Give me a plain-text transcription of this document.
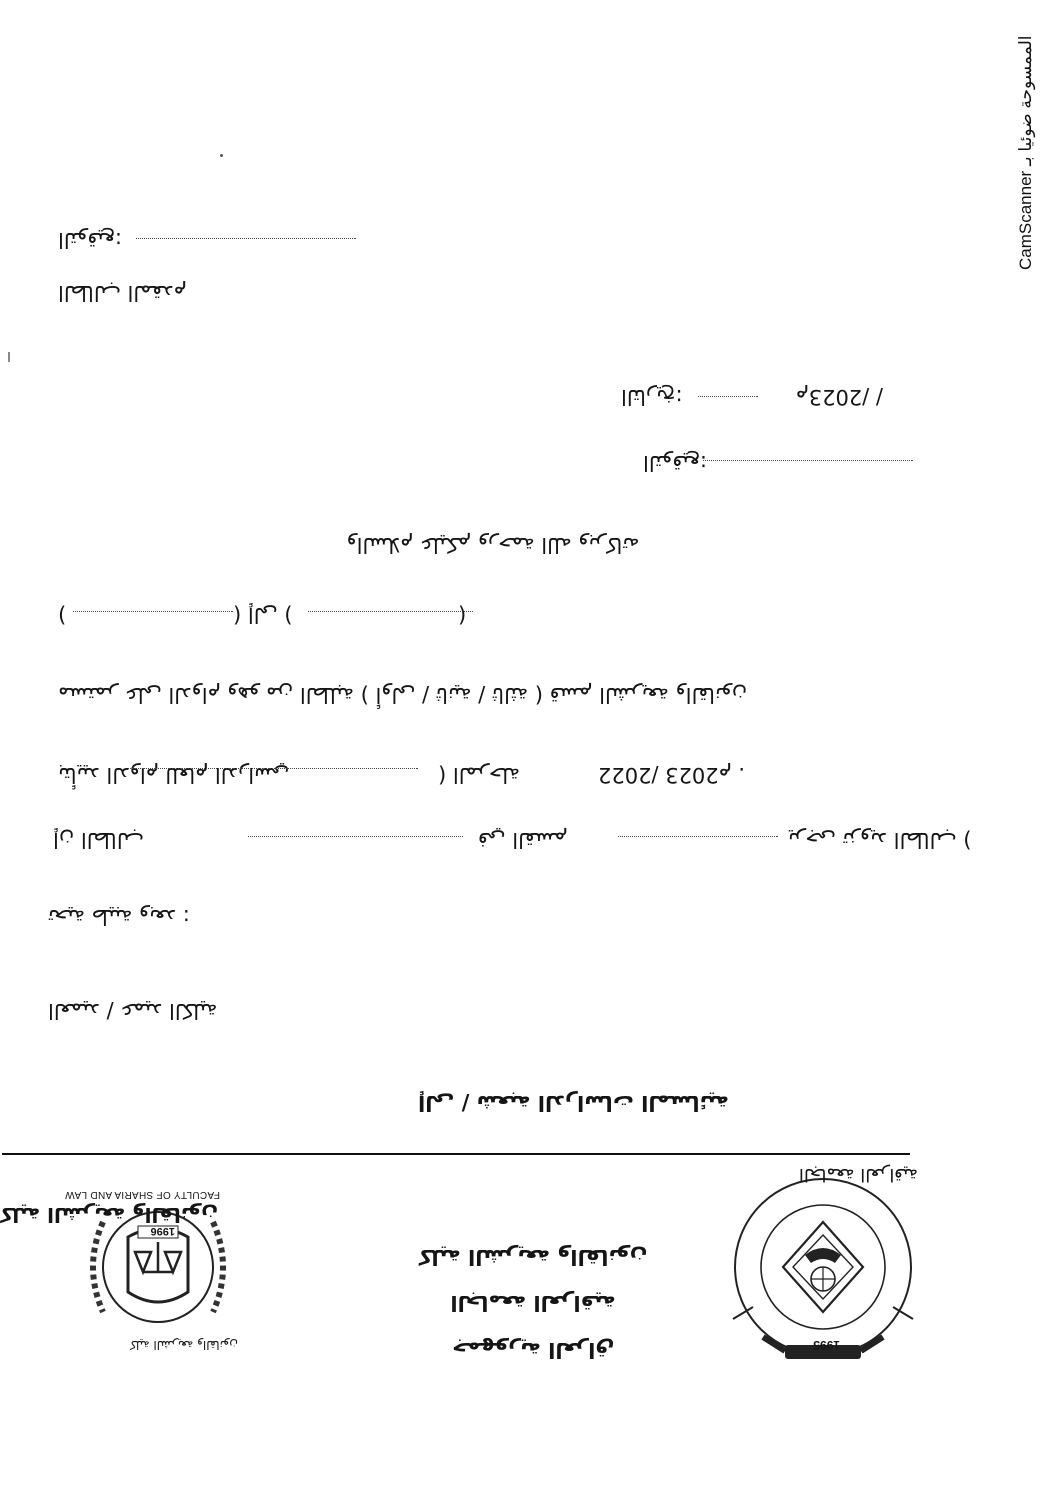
1995
الجامعة العراقية
جمهورية العراق
الجامعة العراقية
كلية الشريعة والقانون
1996
كلية الشريعة والقانون
FACULTY OF SHARIA AND LAW
كلية الشريعة والقانون
إلى / شعبة الدراسات المسائية
العميد / عميد الكلية
تحية طيبة وبعد :
إن الطالب	في القسم	يرجى تزويد الطالب (
بتأييد الدوام للعام الدراسي	) المرحلة	2022/ 2023م .
مستمر على الدوام وهو من الطلبة ( أولى / ثانية / ثالثة ) قسم الشريعة والقانون
(
) إلى (
)
والسلام عليكم ورحمة الله وبركاته
التوقيع:
التاريخ:	/ /2023م
الطالب المقدم
التوقيع:	CamScanner الممسوحة ضوئيا بـ
